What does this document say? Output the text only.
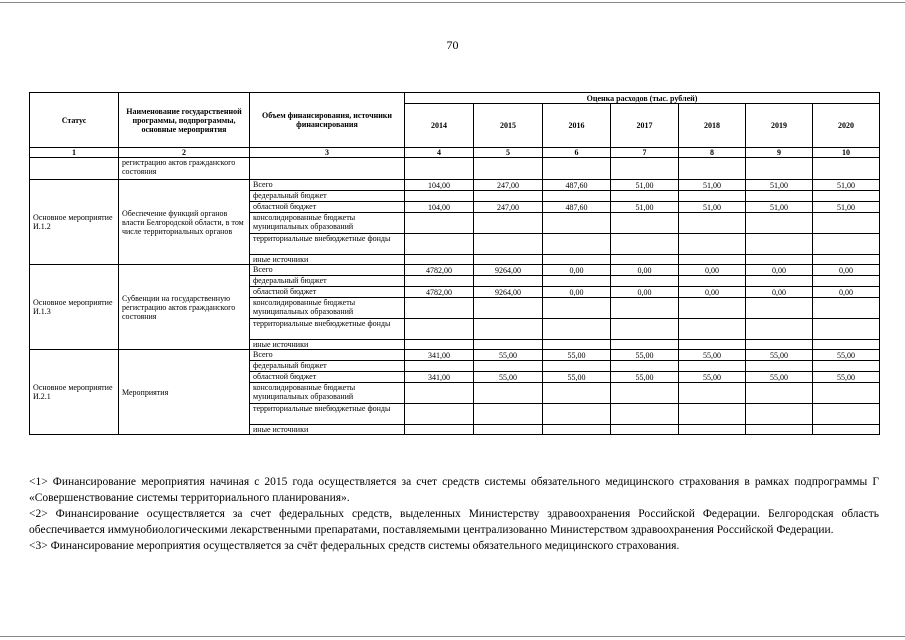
70
Статус	Наименование государственной программы, подпрограммы, основные мероприятия	Объем финансирования, источники финансирования	Оценка расходов (тыс. рублей)						
			2014	2015	2016	2017	2018	2019	2020
1	2	3	4	5	6	7	8	9	10
	регистрацию актов гражданского состояния								
Основное мероприятие И.1.2	Обеспечение функций органов власти Белгородской области, в том числе территориальных органов	Всего	104,00	247,00	487,60	51,00	51,00	51,00	51,00
		федеральный бюджет							
		областной бюджет	104,00	247,00	487,60	51,00	51,00	51,00	51,00
		консолидированные бюджеты муниципальных образований							
		территориальные внебюджетные фонды							
		иные источники							
Основное мероприятие И.1.3	Субвенции на государственную регистрацию актов гражданского состояния	Всего	4782,00	9264,00	0,00	0,00	0,00	0,00	0,00
		федеральный бюджет							
		областной бюджет	4782,00	9264,00	0,00	0,00	0,00	0,00	0,00
		консолидированные бюджеты муниципальных образований							
		территориальные внебюджетные фонды							
		иные источники							
Основное мероприятие И.2.1	Мероприятия	Всего	341,00	55,00	55,00	55,00	55,00	55,00	55,00
		федеральный бюджет							
		областной бюджет	341,00	55,00	55,00	55,00	55,00	55,00	55,00
		консолидированные бюджеты муниципальных образований							
		территориальные внебюджетные фонды							
		иные источники							

<1> Финансирование мероприятия начиная с 2015 года осуществляется за счет средств системы обязательного медицинского страхования в рамках подпрограммы Г «Совершенствование системы территориального планирования».

<2> Финансирование осуществляется за счет федеральных средств, выделенных Министерству здравоохранения Российской Федерации. Белгородская область обеспечивается иммунобиологическими лекарственными препаратами, поставляемыми централизованно Министерством здравоохранения Российской Федерации.

<3> Финансирование мероприятия осуществляется за счёт федеральных средств системы обязательного медицинского страхования.
